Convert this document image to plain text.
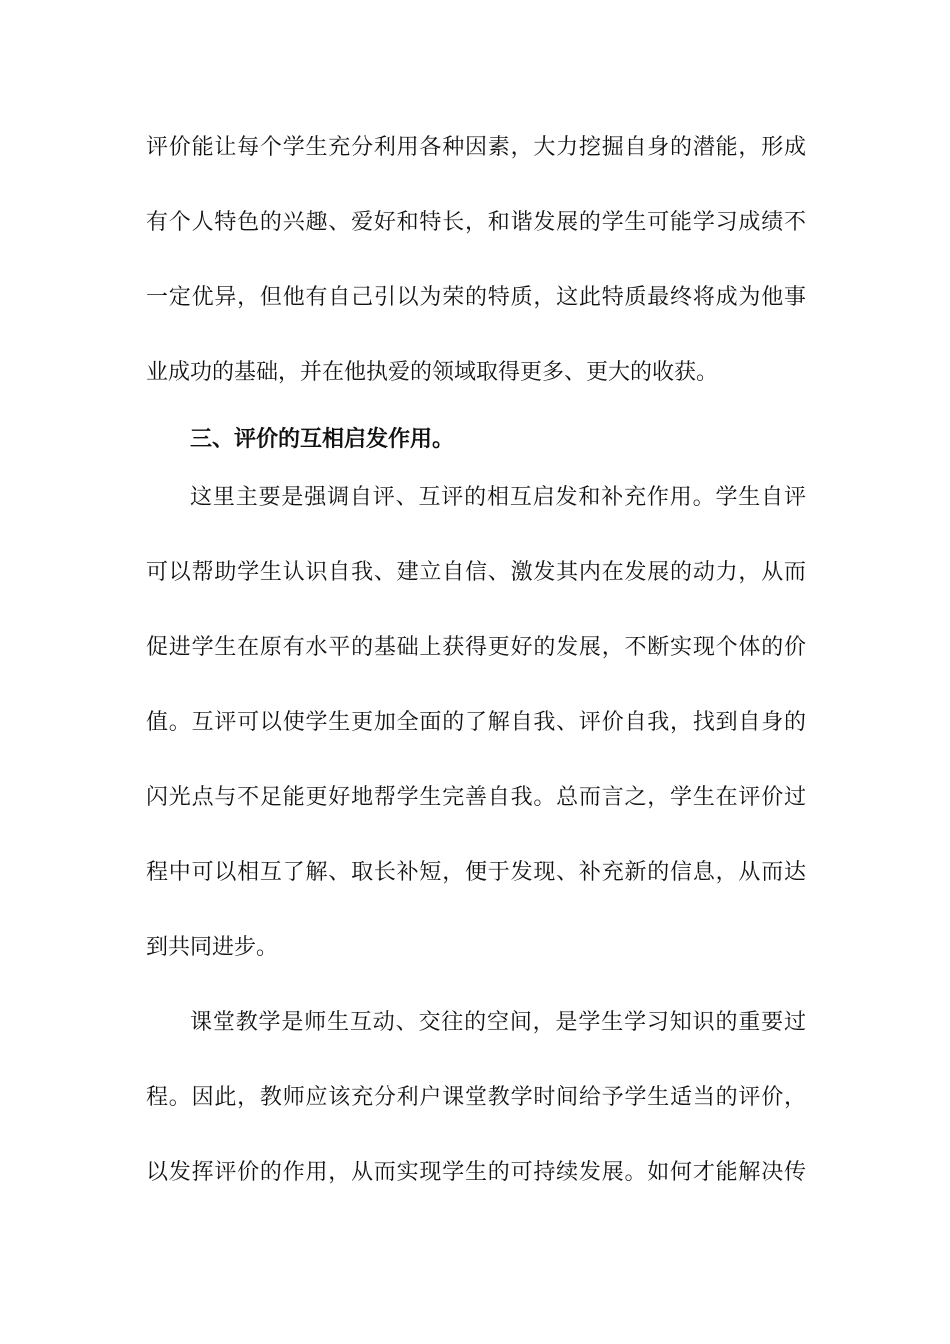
评价能让每个学生充分利用各种因素，大力挖掘自身的潜能，形成
有个人特色的兴趣、爱好和特长，和谐发展的学生可能学习成绩不
一定优异，但他有自己引以为荣的特质，这此特质最终将成为他事
业成功的基础，并在他执爱的领域取得更多、更大的收获。
三、评价的互相启发作用。
这里主要是强调自评、互评的相互启发和补充作用。学生自评
可以帮助学生认识自我、建立自信、激发其内在发展的动力，从而
促进学生在原有水平的基础上获得更好的发展，不断实现个体的价
值。互评可以使学生更加全面的了解自我、评价自我，找到自身的
闪光点与不足能更好地帮学生完善自我。总而言之，学生在评价过
程中可以相互了解、取长补短，便于发现、补充新的信息，从而达
到共同进步。
课堂教学是师生互动、交往的空间，是学生学习知识的重要过
程。因此，教师应该充分利户课堂教学时间给予学生适当的评价，
以发挥评价的作用，从而实现学生的可持续发展。如何才能解决传
